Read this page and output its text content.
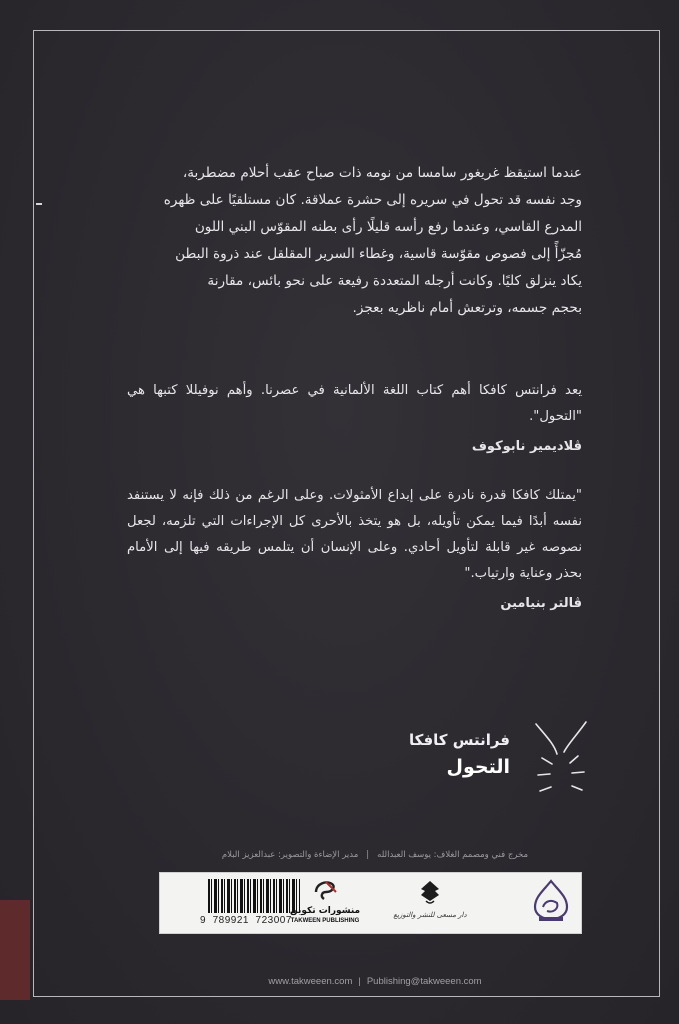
عندما استيقظ غريغور سامسا من نومه ذات صباح عقب أحلام مضطربة،

وجد نفسه قد تحول في سريره إلى حشرة عملاقة. كان مستلقيًا على ظهره

المدرع القاسي، وعندما رفع رأسه قليلًا رأى بطنه المقوّس البني اللون

مُجزّأً إلى فصوص مقوّسة قاسية، وغطاء السرير المقلقل عند ذروة البطن

يكاد ينزلق كليًا. وكانت أرجله المتعددة رفيعة على نحو بائس، مقارنة

بحجم جسمه، وترتعش أمام ناظريه بعجز.

يعد فرانتس كافكا أهم كتاب اللغة الألمانية في عصرنا. وأهم نوفيللا كتبها هي "التحول".

ڤلاديمير نابوكوف

"يمتلك كافكا قدرة نادرة على إبداع الأمثولات. وعلى الرغم من ذلك فإنه لا يستنفد نفسه أبدًا فيما يمكن تأويله، بل هو يتخذ بالأحرى كل الإجراءات التي تلزمه، لجعل نصوصه غير قابلة لتأويل أحادي. وعلى الإنسان أن يتلمس طريقه فيها إلى الأمام بحذر وعناية وارتياب."

ڤالتر بنيامين

فرانتس كافكا
التحول
مخرج فني ومصمم الغلاف: يوسف العبدالله|مدير الإضاءة والتصوير: عبدالعزيز البلام
9  789921  723007
منشورات تكوين
TAKWEEN PUBLISHING
دار مسعى للنشر والتوزيع
www.takweeen.com | Publishing@takweeen.com
